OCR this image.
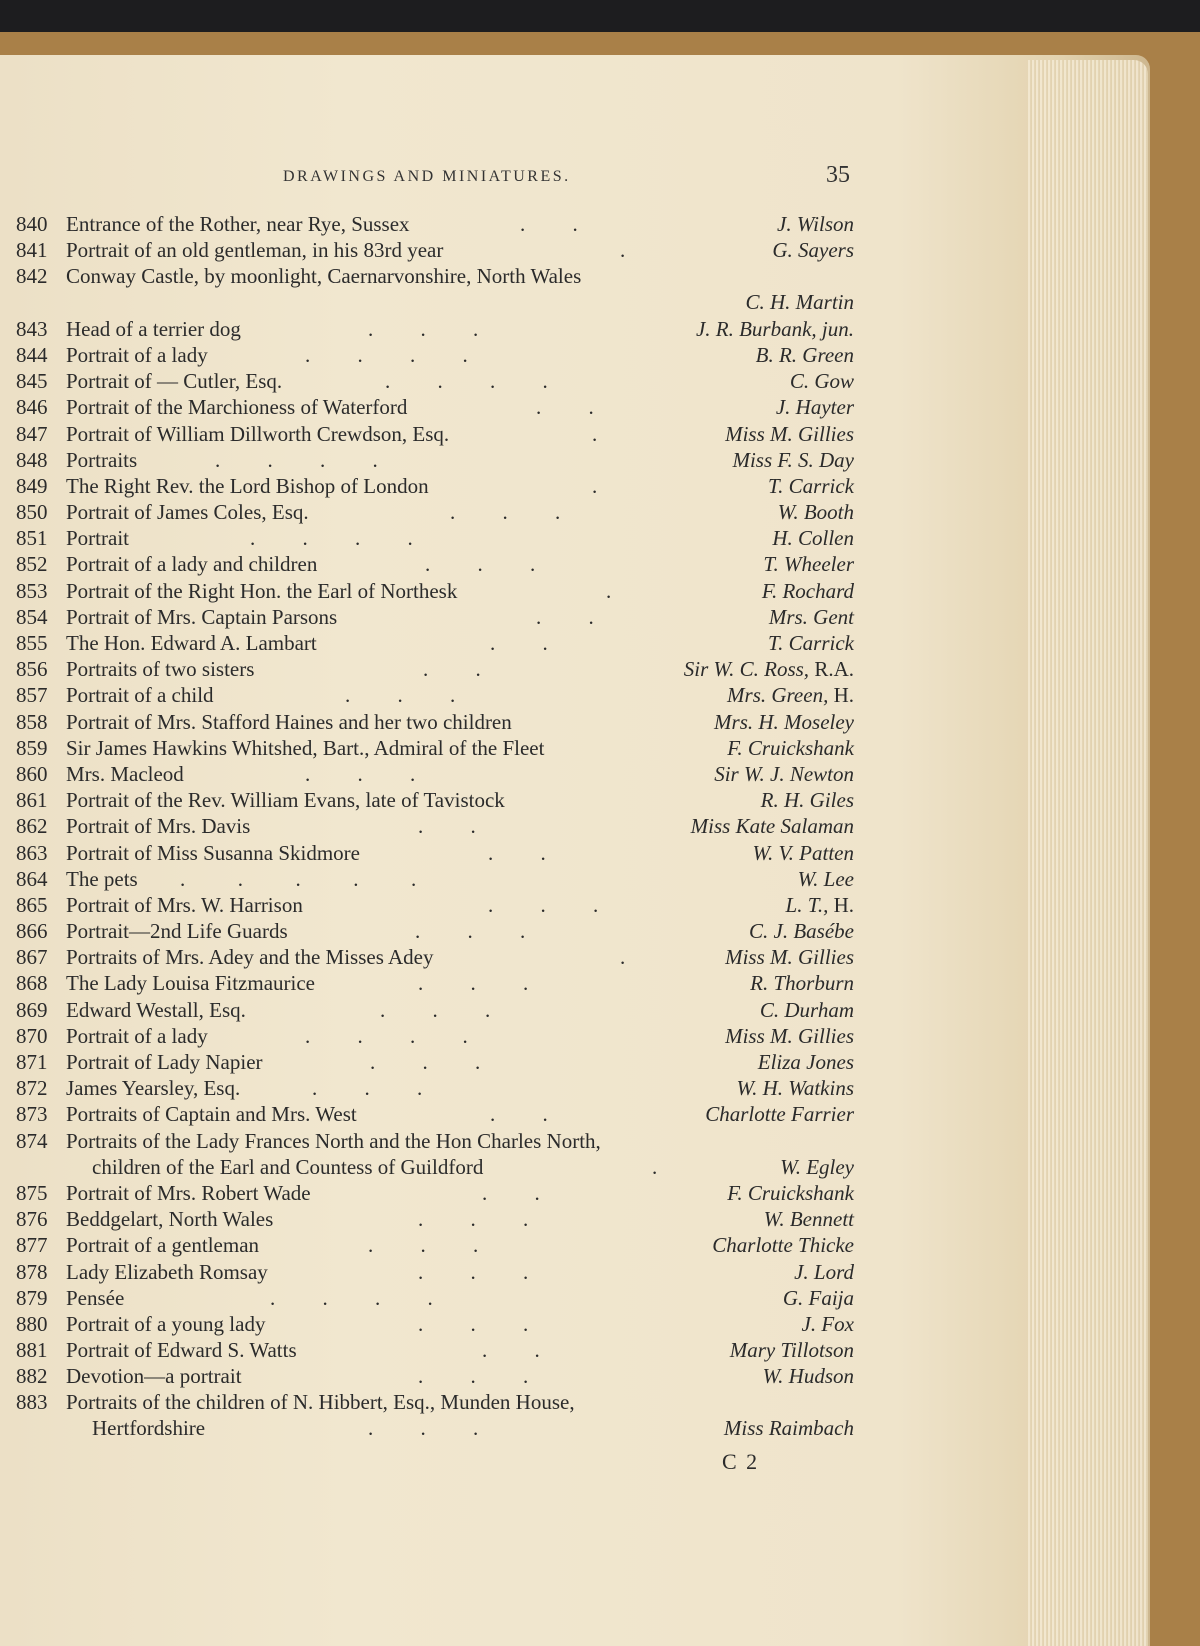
DRAWINGS AND MINIATURES.	35
840 Entrance of the Rother, near Rye, Sussex	.         .	J. Wilson
841 Portrait of an old gentleman, in his 83rd year	.	G. Sayers
842 Conway Castle, by moonlight, Caernarvonshire, North Wales
C. H. Martin
843 Head of a terrier dog	.         .         .	J. R. Burbank, jun.
844 Portrait of a lady	.         .         .         .	B. R. Green
845 Portrait of — Cutler, Esq.	.         .         .         .	C. Gow
846 Portrait of the Marchioness of Waterford	.         .	J. Hayter
847 Portrait of William Dillworth Crewdson, Esq.	.	Miss M. Gillies
848 Portraits	.         .         .         .	Miss F. S. Day
849 The Right Rev. the Lord Bishop of London	.	T. Carrick
850 Portrait of James Coles, Esq.	.         .         .	W. Booth
851 Portrait	.         .         .         .	H. Collen
852 Portrait of a lady and children	.         .         .	T. Wheeler
853 Portrait of the Right Hon. the Earl of Northesk	.	F. Rochard
854 Portrait of Mrs. Captain Parsons	.         .	Mrs. Gent
855 The Hon. Edward A. Lambart	.         .	T. Carrick
856 Portraits of two sisters	.         .	Sir W. C. Ross, R.A.
857 Portrait of a child	.         .         .	Mrs. Green, H.
858 Portrait of Mrs. Stafford Haines and her two children	Mrs. H. Moseley
859 Sir James Hawkins Whitshed, Bart., Admiral of the Fleet	F. Cruickshank
860 Mrs. Macleod	.         .         .	Sir W. J. Newton
861 Portrait of the Rev. William Evans, late of Tavistock	R. H. Giles
862 Portrait of Mrs. Davis	.         .	Miss Kate Salaman
863 Portrait of Miss Susanna Skidmore	.         .	W. V. Patten
864 The pets .          .          .          .          .	W. Lee
865 Portrait of Mrs. W. Harrison	.         .         .	L. T., H.
866 Portrait—2nd Life Guards	.         .         .	C. J. Basébe
867 Portraits of Mrs. Adey and the Misses Adey	.	Miss M. Gillies
868 The Lady Louisa Fitzmaurice	.         .         .	R. Thorburn
869 Edward Westall, Esq.	.         .         .	C. Durham
870 Portrait of a lady	.         .         .         .	Miss M. Gillies
871 Portrait of Lady Napier	.         .         .	Eliza Jones
872 James Yearsley, Esq.	.         .         .	W. H. Watkins
873 Portraits of Captain and Mrs. West	.         .	Charlotte Farrier
874 Portraits of the Lady Frances North and the Hon Charles North,
children of the Earl and Countess of Guildford	.	W. Egley
875 Portrait of Mrs. Robert Wade	.         .	F. Cruickshank
876 Beddgelart, North Wales	.         .         .	W. Bennett
877 Portrait of a gentleman	.         .         .	Charlotte Thicke
878 Lady Elizabeth Romsay	.         .         .	J. Lord
879 Pensée	.         .         .         .	G. Faija
880 Portrait of a young lady	.         .         .	J. Fox
881 Portrait of Edward S. Watts	.         .	Mary Tillotson
882 Devotion—a portrait	.         .         .	W. Hudson
883 Portraits of the children of N. Hibbert, Esq., Munden House,
Hertfordshire	.         .         .	Miss Raimbach
C 2
